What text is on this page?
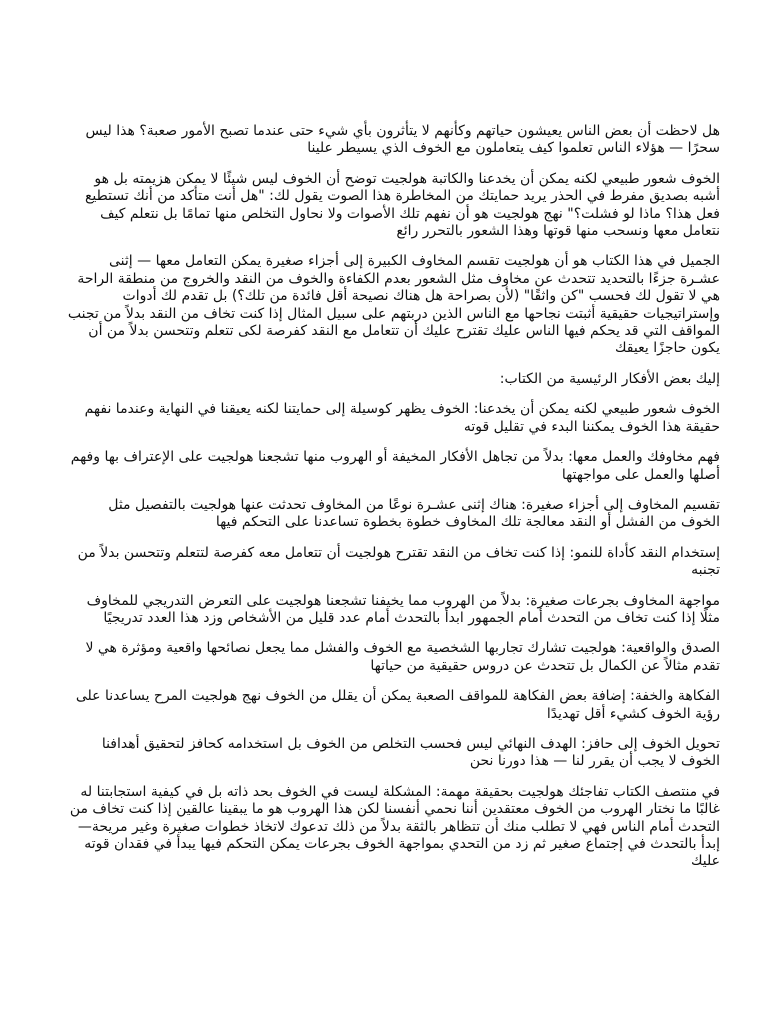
هل لاحظت أن بعض الناس يعيشون حياتهم وكأنهم لا يتأثرون بأي شيء حتى عندما تصبح الأمور صعبة؟ هذا ليس سحرًا — هؤلاء الناس تعلموا كيف يتعاملون مع الخوف الذي يسيطر علينا

الخوف شعور طبيعي لكنه يمكن أن يخدعنا والكاتبة هولجيت توضح أن الخوف ليس شيئًا لا يمكن هزيمته بل هو أشبه بصديق مفرط في الحذر يريد حمايتك من المخاطرة هذا الصوت يقول لك: "هل أنت متأكد من أنك تستطيع فعل هذا؟ ماذا لو فشلت؟" نهج هولجيت هو أن نفهم تلك الأصوات ولا نحاول التخلص منها تمامًا بل نتعلم كيف نتعامل معها ونسحب منها قوتها وهذا الشعور بالتحرر رائع

الجميل في هذا الكتاب هو أن هولجيت تقسم المخاوف الكبيرة إلى أجزاء صغيرة يمكن التعامل معها — إثنى عشـرة جزءًا بالتحديد تتحدث عن مخاوف مثل الشعور بعدم الكفاءة والخوف من النقد والخروج من منطقة الراحة هي لا تقول لك فحسب "كن واثقًا" (لأن بصراحة هل هناك نصيحة أقل فائدة من تلك؟) بل تقدم لك أدوات وإستراتيجيات حقيقية أثبتت نجاحها مع الناس الذين دربتهم على سبيل المثال إذا كنت تخاف من النقد بدلاً من تجنب المواقف التي قد يحكم فيها الناس عليك تقترح عليك أن تتعامل مع النقد كفرصة لكى تتعلم وتتحسن بدلاً من أن يكون حاجزًا يعيقك

إليك بعض الأفكار الرئيسية من الكتاب:

الخوف شعور طبيعي لكنه يمكن أن يخدعنا: الخوف يظهر كوسيلة إلى حمايتنا لكنه يعيقنا في النهاية وعندما نفهم حقيقة هذا الخوف يمكننا البدء في تقليل قوته

فهم مخاوفك والعمل معها: بدلاً من تجاهل الأفكار المخيفة أو الهروب منها تشجعنا هولجيت على الإعتراف بها وفهم أصلها والعمل على مواجهتها

تقسيم المخاوف إلى أجزاء صغيرة: هناك إثنى عشـرة نوعًا من المخاوف تحدثت عنها هولجيت بالتفصيل مثل الخوف من الفشل أو النقد معالجة تلك المخاوف خطوة بخطوة تساعدنا على التحكم فيها

إستخدام النقد كأداة للنمو: إذا كنت تخاف من النقد تقترح هولجيت أن تتعامل معه كفرصة لتتعلم وتتحسن بدلاً من تجنبه

مواجهة المخاوف بجرعات صغيرة: بدلاً من الهروب مما يخيفنا تشجعنا هولجيت على التعرض التدريجي للمخاوف مثلًا إذا كنت تخاف من التحدث أمام الجمهور ابدأ بالتحدث أمام عدد قليل من الأشخاص وزد هذا العدد تدريجيًا

الصدق والواقعية: هولجيت تشارك تجاربها الشخصية مع الخوف والفشل مما يجعل نصائحها واقعية ومؤثرة هي لا تقدم مثالاً عن الكمال بل تتحدث عن دروس حقيقية من حياتها

الفكاهة والخفة: إضافة بعض الفكاهة للمواقف الصعبة يمكن أن يقلل من الخوف نهج هولجيت المرح يساعدنا على رؤية الخوف كشيء أقل تهديدًا

تحويل الخوف إلى حافز: الهدف النهائي ليس فحسب التخلص من الخوف بل استخدامه كحافز لتحقيق أهدافنا الخوف لا يجب أن يقرر لنا — هذا دورنا نحن

في منتصف الكتاب تفاجئك هولجيت بحقيقة مهمة: المشكلة ليست في الخوف بحد ذاته بل في كيفية استجابتنا له غالبًا ما نختار الهروب من الخوف معتقدين أننا نحمي أنفسنا لكن هذا الهروب هو ما يبقينا عالقين إذا كنت تخاف من التحدث أمام الناس فهي لا تطلب منك أن تتظاهر بالثقة بدلاً من ذلك تدعوك لاتخاذ خطوات صغيرة وغير مريحة—إبدأ بالتحدث في إجتماع صغير ثم زد من التحدي بمواجهة الخوف بجرعات يمكن التحكم فيها يبدأ في فقدان قوته عليك
